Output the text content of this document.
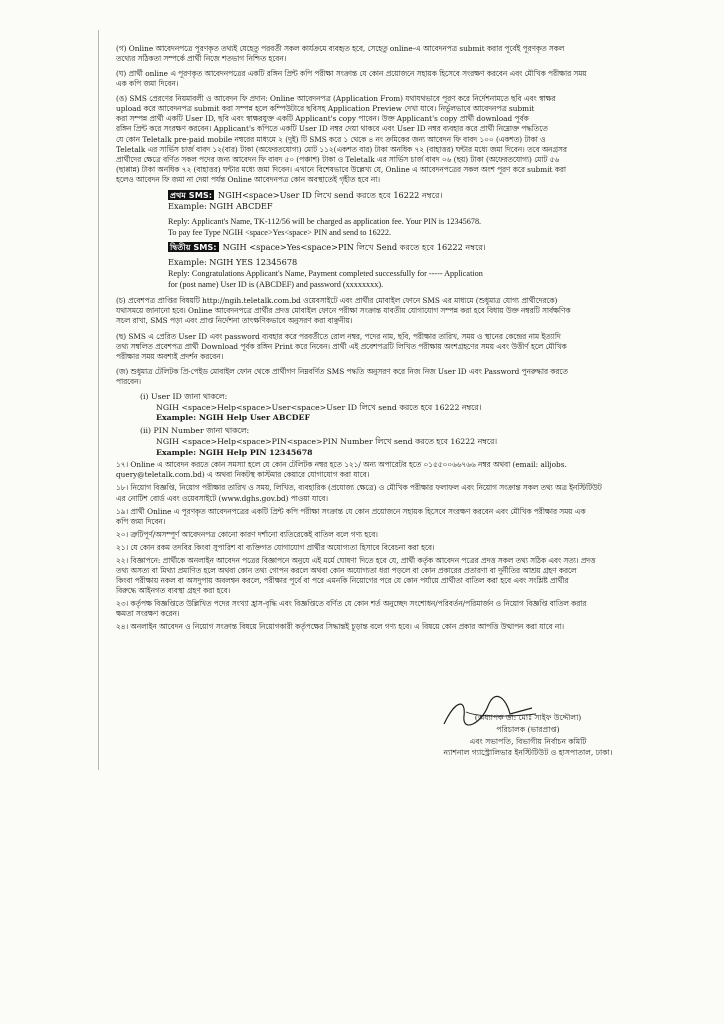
(গ) Online আবেদনপত্রে পূরণকৃত তথ্যই যেহেতু পরবর্তী সকল কার্যক্রমে ব্যবহৃত হবে, সেহেতু online-এ আবেদনপত্র submit করার পূর্বেই পূরণকৃত সকল
তথ্যের সঠিকতা সম্পর্কে প্রার্থী নিজে শতভাগ নিশ্চিত হবেন।
(ঘ) প্রার্থী online এ পূরণকৃত আবেদনপত্রের একটি রঙ্গিন প্রিন্ট কপি পরীক্ষা সংক্রান্ত যে কোন প্রয়োজনে সহায়ক হিসেবে সংরক্ষণ করবেন এবং মৌখিক পরীক্ষার সময়
এক কপি জমা দিবেন।
(ঙ) SMS প্রেরণের নিয়মাবলী ও আবেদন ফি প্রদান: Online আবেদনপত্র (Application From) যথাযথভাবে পূরণ করে নির্দেশনামতে ছবি এবং স্বাক্ষর
upload করে আবেদনপত্র submit করা সম্পন্ন হলে কম্পিউটারে ছবিসহ Application Preview দেখা যাবে। নির্ভুলভাবে আবেদনপত্র submit
করা সম্পন্ন প্রার্থী একটি User ID, ছবি এবং স্বাক্ষরযুক্ত একটি Applicant's copy পাবেন। উক্ত Applicant's copy প্রার্থী download পূর্বক
রঙ্গিন প্রিন্ট করে সংরক্ষণ করবেন। Applicant's কপিতে একটি User ID নম্বর দেয়া থাকবে এবং User ID নম্বর ব্যবহার করে প্রার্থী নিম্নোক্ত পদ্ধতিতে
যে কোন Teletalk pre-paid mobile নম্বরের মাধ্যমে ২ (দুই) টি SMS করে ১ থেকে ৪ নং ক্রমিকের জন্য আবেদন ফি বাবদ ১০০ (একশত) টাকা ও
Teletalk এর সার্ভিস চার্জ বাবদ ১২(বার) টাকা (অফেরতযোগ্য) মোট ১১২(একশত বার) টাকা অনধিক ৭২ (বাহাত্তর) ঘন্টার মধ্যে জমা দিবেন। তবে অনগ্রসর
প্রার্থীদের ক্ষেত্রে বর্ণিত সকল পদের জন্য আবেদন ফি বাবদ ৫০ (পঞ্চাশ) টাকা ও Teletalk এর সার্ভিস চার্জ বাবদ ০৬ (ছয়) টাকা (অফেরতযোগ্য) মোট ৫৬
(ছাপ্পান্ন) টাকা অনধিক ৭২ (বাহাত্তর) ঘন্টার মধ্যে জমা দিবেন। এখানে বিশেষভাবে উল্লেখ্য যে, Online এ আবেদনপত্রের সকল অংশ পূরণ করে submit করা
হলেও আবেদন ফি জমা না দেয়া পর্যন্ত Online আবেদনপত্র কোন অবস্থাতেই গৃহীত হবে না।
প্রথম SMS: NGIH<space>User ID লিখে send করতে হবে 16222 নম্বরে।
Example: NGIH ABCDEF
Reply: Applicant's Name, TK-112/56 will be charged as application fee. Your PIN is 12345678.
To pay fee Type NGIH <space>Yes<space> PIN and send to 16222.
দ্বিতীয় SMS: NGIH <space>Yes<space>PIN লিখে Send করতে হবে 16222 নম্বরে।
Example: NGIH YES 12345678
Reply: Congratulations Applicant's Name, Payment completed successfully for ----- Application
for (post name) User ID is (ABCDEF) and password (xxxxxxxx).
(চ) প্রবেশপত্র প্রাপ্তির বিষয়টি http://ngih.teletalk.com.bd ওয়েবসাইটে এবং প্রার্থীর মোবাইল ফোনে SMS এর মাধ্যমে (শুধুমাত্র যোগ্য প্রার্থীদেরকে)
যথাসময়ে জানানো হবে। Online আবেদনপত্রে প্রার্থীর প্রদত্ত মোবাইল ফোনে পরীক্ষা সংক্রান্ত যাবতীয় যোগাযোগ সম্পন্ন করা হবে বিধায় উক্ত নম্বরটি সার্বক্ষণিক
সচল রাখা, SMS পড়া এবং প্রাপ্ত নির্দেশনা তাৎক্ষণিকভাবে অনুসরণ করা বাঞ্ছনীয়।
(ছ) SMS এ প্রেরিত User ID এবং password ব্যবহার করে পরবর্তীতে রোল নম্বর, পদের নাম, ছবি, পরীক্ষার তারিখ, সময় ও স্থানের কেন্দ্রের নাম ইত্যাদি
তথ্য সম্বলিত প্রবেশপত্র প্রার্থী Download পূর্বক রঙ্গিন Print করে নিবেন। প্রার্থী এই প্রবেশপত্রটি লিখিত পরীক্ষায় অংশগ্রহণের সময় এবং উত্তীর্ণ হলে মৌখিক
পরীক্ষার সময় অবশ্যই প্রদর্শন করবেন।
(জ) শুধুমাত্র টেলিটক প্রি-পেইড মোবাইল ফোন থেকে প্রার্থীগণ নিম্নবর্ণিত SMS পদ্ধতি অনুসরণ করে নিজ নিজ User ID এবং Password পুনরুদ্ধার করতে
পারবেন।
(i) User ID জানা থাকলে:
NGIH <space>Help<space>User<space>User ID লিখে send করতে হবে 16222 নম্বরে।
Example: NGIH Help User ABCDEF
(ii) PIN Number জানা থাকলে:
NGIH <space>Help<space>PIN<space>PIN Number লিখে send করতে হবে 16222 নম্বরে।
Example: NGIH Help PIN 12345678
১৭। Online এ আবেদন করতে কোন সমস্যা হলে যে কোন টেলিটক নম্বর হতে ১২১/ অন্য অপারেটর হতে ০১৫৫০০৬৬৭৬৬ নম্বর অথবা (email: alljobs.
query@teletalk.com.bd) এ অথবা নিকটস্থ কাস্টমার কেয়ারে যোগাযোগ করা যাবে।
১৮। নিয়োগ বিজ্ঞপ্তি, নিয়োগ পরীক্ষার তারিখ ও সময়, লিখিত, ব্যবহারিক (প্রযোজ্য ক্ষেত্রে) ও মৌখিক পরীক্ষার ফলাফল এবং নিয়োগ সংক্রান্ত সকল তথ্য অত্র ইনস্টিটিউট
এর নোটিশ বোর্ড এবং ওয়েবসাইটে (www.dghs.gov.bd) পাওয়া যাবে।
১৯। প্রার্থী Online এ পূরণকৃত আবেদনপত্রের একটি প্রিন্ট কপি পরীক্ষা সংক্রান্ত যে কোন প্রয়োজনে সহায়ক হিসেবে সংরক্ষণ করবেন এবং মৌখিক পরীক্ষার সময় এক
কপি জমা দিবেন।
২০। ত্রুটিপূর্ণ/অসম্পূর্ণ আবেদনপত্র কোনো কারণ দর্শানো ব্যতিরেকেই বাতিল বলে গণ্য হবে।
২১। যে কোন রকম তদবির কিংবা সুপারিশ বা ব্যক্তিগত যোগাযোগ প্রার্থীর অযোগ্যতা হিসাবে বিবেচনা করা হবে।
২২। বিজ্ঞাপনে: প্রার্থীকে অনলাইন আবেদন পত্রের বিজ্ঞাপনে অনুযে এই মর্মে ঘোষণা দিতে হবে যে, প্রার্থী কর্তৃক আবেদন পত্রের প্রদত্ত সকল তথ্য সঠিক এবং সত্য। প্রদত্ত
তথ্য অসত্য বা মিথ্যা প্রমাণিত হলে অথবা কোন তথ্য গোপন করলে অথবা কোন অযোগ্যতা ধরা পড়লে বা কোন প্রকারের প্রতারণা বা দুর্নীতির আশ্রয় গ্রহণ করলে
কিংবা পরীক্ষায় নকল বা অসদুপায় অবলম্বন করলে, পরীক্ষার পূর্বে বা পরে এমনকি নিয়োগের পরে যে কোন পর্যায়ে প্রার্থীতা বাতিল করা হবে এবং সংশ্লিষ্ট প্রার্থীর
বিরুদ্ধে আইনগত ব্যবস্থা গ্রহণ করা হবে।
২৩। কর্তৃপক্ষ বিজ্ঞপ্তিতে উল্লিখিত পদের সংখ্যা হ্রাস-বৃদ্ধি এবং বিজ্ঞপ্তিতে বর্ণিত যে কোন শর্ত অনুচ্ছেদ সংশোধন/পরিবর্তন/পরিমার্জন ও নিয়োগ বিজ্ঞপ্তি বাতিল করার
ক্ষমতা সংরক্ষণ করেন।
২৪। অনলাইন আবেদন ও নিয়োগ সংক্রান্ত বিষয়ে নিয়োগকারী কর্তৃপক্ষের সিদ্ধান্তই চূড়ান্ত বলে গণ্য হবে। এ বিষয়ে কোন প্রকার আপত্তি উত্থাপন করা যাবে না।
(অধ্যাপক ডা: মোঃ সাইফ উদ্দৌলা)
পরিচালক (ভারপ্রাপ্ত)
এবং সভাপতি, বিভাগীয় নির্বাচন কমিটি
ন্যাশনাল গ্যাস্ট্রোলিভার ইনস্টিটিউট ও হাসপাতাল, ঢাকা।
